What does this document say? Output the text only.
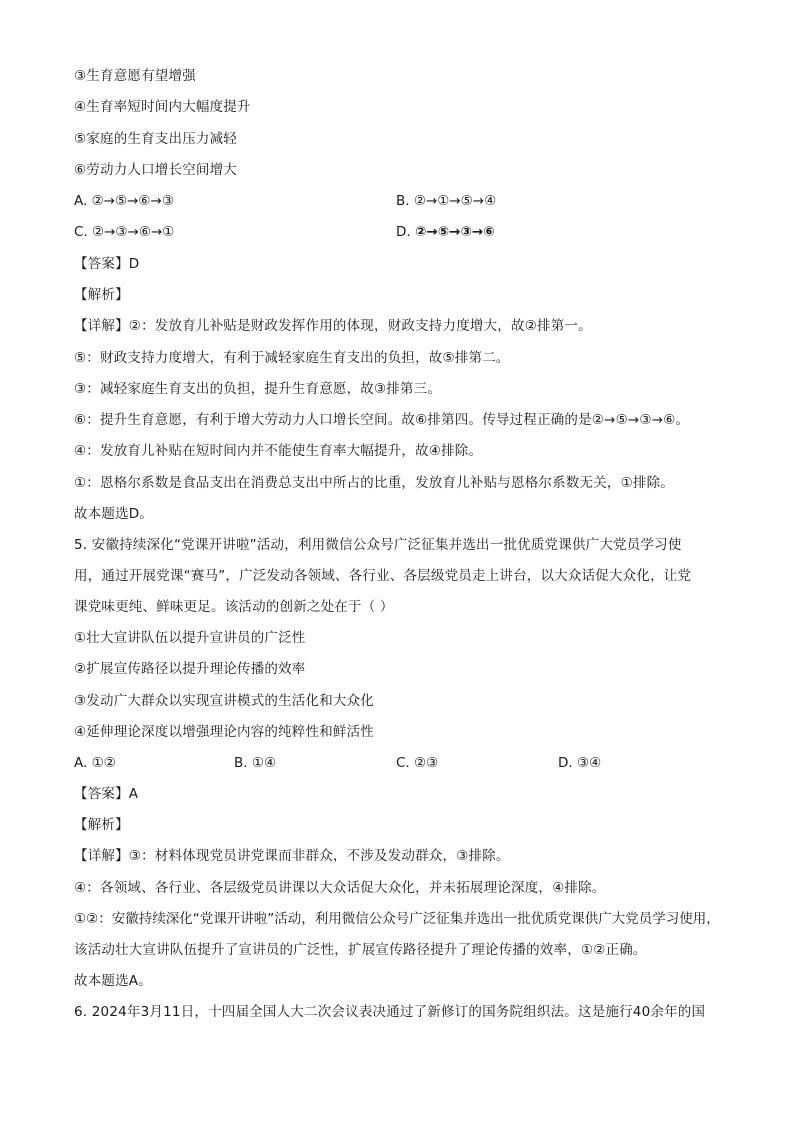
③生育意愿有望增强
④生育率短时间内大幅度提升
⑤家庭的生育支出压力减轻
⑥劳动力人口增长空间增大
A. ②→⑤→⑥→③	B. ②→①→⑤→④
C. ②→③→⑥→①	D. ②→⑤→③→⑥
【答案】D
【解析】
【详解】②：发放育儿补贴是财政发挥作用的体现，财政支持力度增大，故②排第一。
⑤：财政支持力度增大，有利于减轻家庭生育支出的负担，故⑤排第二。
③：减轻家庭生育支出的负担，提升生育意愿，故③排第三。
⑥：提升生育意愿，有利于增大劳动力人口增长空间。故⑥排第四。传导过程正确的是②→⑤→③→⑥。
④：发放育儿补贴在短时间内并不能使生育率大幅提升，故④排除。
①：恩格尔系数是食品支出在消费总支出中所占的比重，发放育儿补贴与恩格尔系数无关，①排除。
故本题选D。
5. 安徽持续深化“党课开讲啦”活动，利用微信公众号广泛征集并选出一批优质党课供广大党员学习使
用，通过开展党课“赛马”，广泛发动各领域、各行业、各层级党员走上讲台，以大众话促大众化，让党
课党味更纯、鲜味更足。该活动的创新之处在于（ ）
①壮大宣讲队伍以提升宣讲员的广泛性
②扩展宣传路径以提升理论传播的效率
③发动广大群众以实现宣讲模式的生活化和大众化
④延伸理论深度以增强理论内容的纯粹性和鲜活性
A. ①②	B. ①④	C. ②③	D. ③④
【答案】A
【解析】
【详解】③：材料体现党员讲党课而非群众，不涉及发动群众，③排除。
④：各领域、各行业、各层级党员讲课以大众话促大众化，并未拓展理论深度，④排除。
①②：安徽持续深化“党课开讲啦”活动，利用微信公众号广泛征集并选出一批优质党课供广大党员学习使用，
该活动壮大宣讲队伍提升了宣讲员的广泛性，扩展宣传路径提升了理论传播的效率，①②正确。
故本题选A。
6. 2024年3月11日，十四届全国人大二次会议表决通过了新修订的国务院组织法。这是施行40余年的国
